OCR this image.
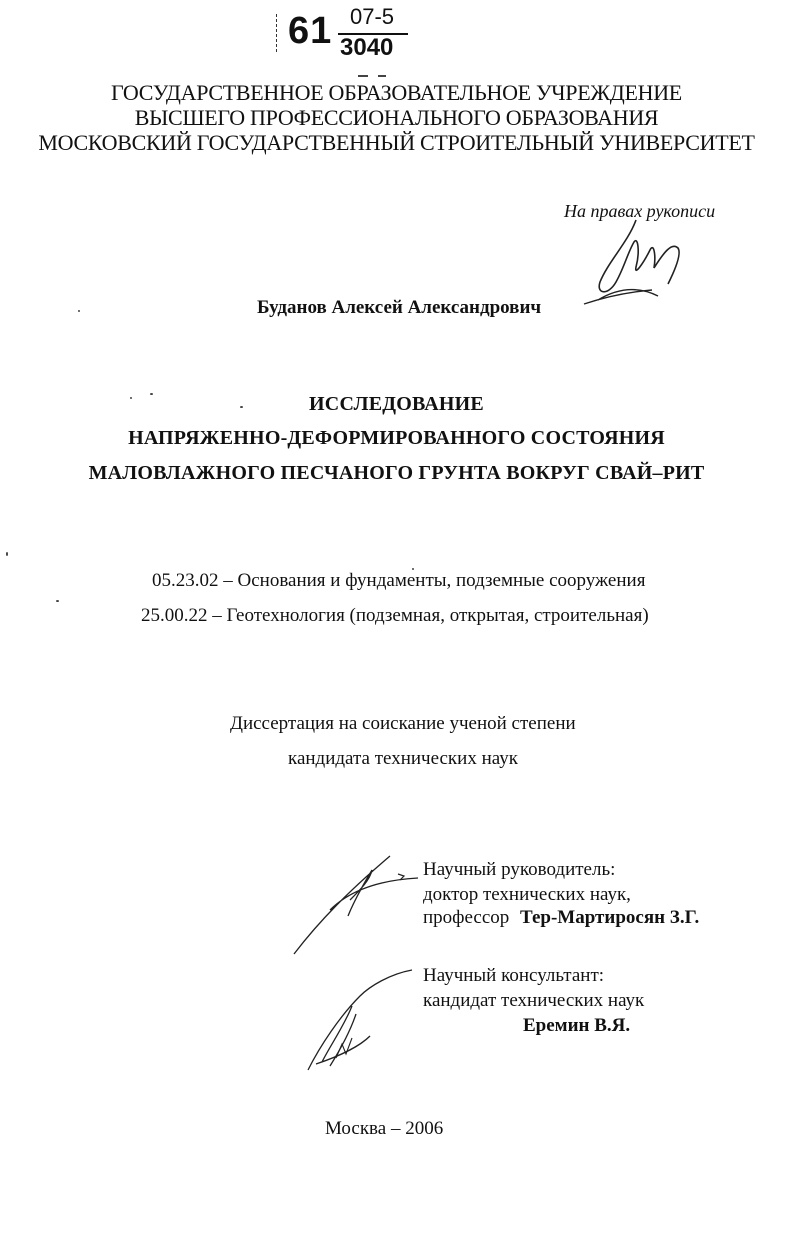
61 07-5
3040
ГОСУДАРСТВЕННОЕ ОБРАЗОВАТЕЛЬНОЕ УЧРЕЖДЕНИЕ
ВЫСШЕГО ПРОФЕССИОНАЛЬНОГО ОБРАЗОВАНИЯ
МОСКОВСКИЙ ГОСУДАРСТВЕННЫЙ СТРОИТЕЛЬНЫЙ УНИВЕРСИТЕТ
На правах рукописи
Буданов Алексей Александрович
ИССЛЕДОВАНИЕ
НАПРЯЖЕННО-ДЕФОРМИРОВАННОГО СОСТОЯНИЯ
МАЛОВЛАЖНОГО ПЕСЧАНОГО ГРУНТА ВОКРУГ СВАЙ–РИТ
05.23.02 – Основания и фундаменты, подземные сооружения
25.00.22 – Геотехнология (подземная, открытая, строительная)
Диссертация на соискание ученой степени
кандидата технических наук
Научный руководитель:
доктор технических наук,
профессор Тер-Мартиросян З.Г.
Научный консультант:
кандидат технических наук
Еремин В.Я.
Москва – 2006
